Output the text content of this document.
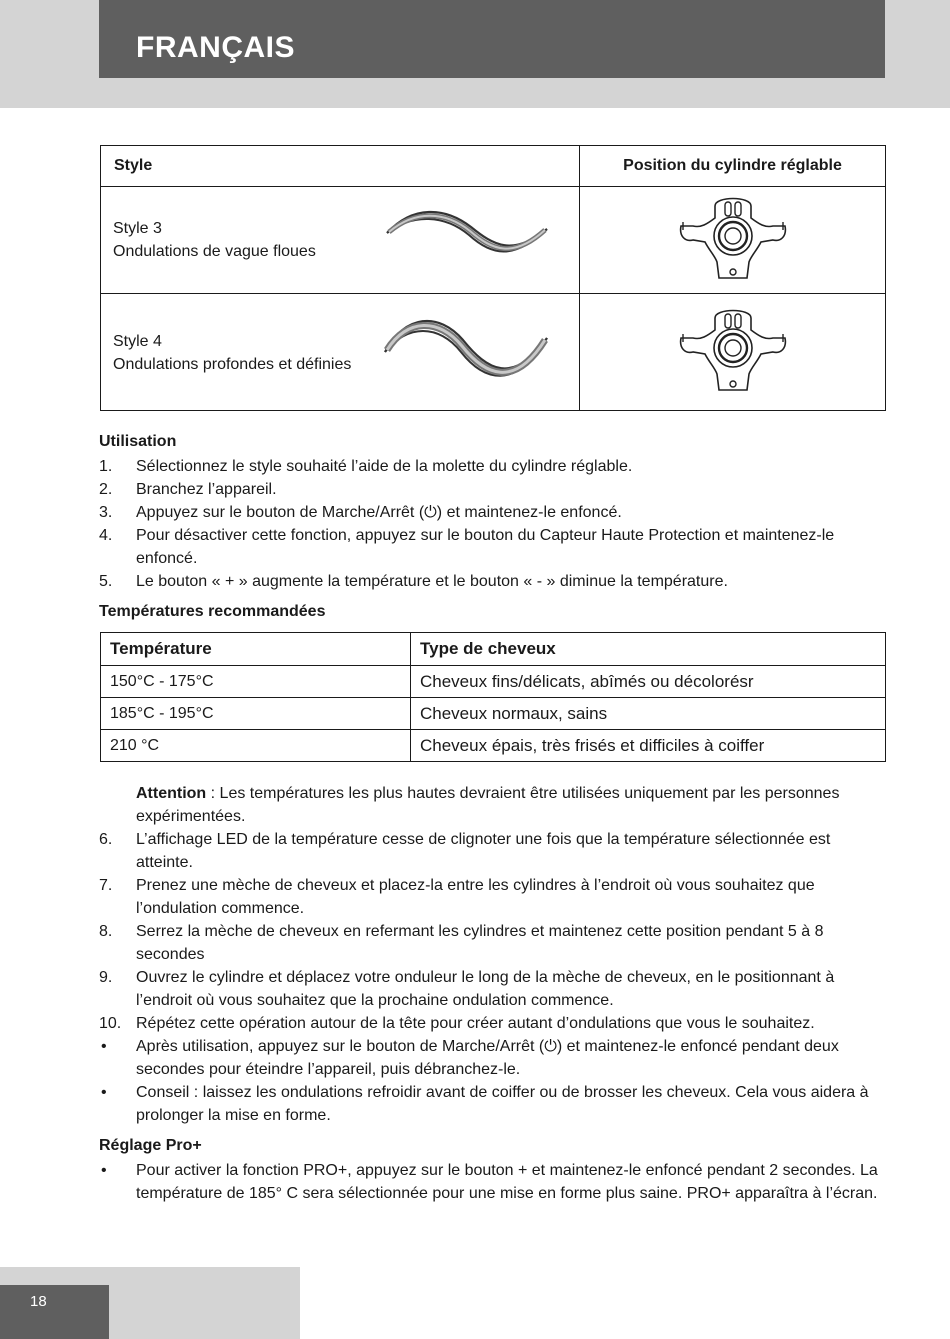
FRANÇAIS
Style	Position du cylindre réglable

Style 3
Ondulations de vague floues

Style 4
Ondulations profondes et définies

Utilisation
1. Sélectionnez le style souhaité l’aide de la molette du cylindre réglable.
2. Branchez l’appareil.
3. Appuyez sur le bouton de Marche/Arrêt (⏻) et maintenez-le enfoncé.
4. Pour désactiver cette fonction, appuyez sur le bouton du Capteur Haute Protection et maintenez-le enfoncé.
5. Le bouton « + » augmente la température et le bouton « - » diminue la température.
Températures recommandées
Température	Type de cheveux
150°C - 175°C	Cheveux fins/délicats, abîmés ou décolorésr
185°C - 195°C	Cheveux normaux, sains
210 °C	Cheveux épais, très frisés et difficiles à coiffer
Attention : Les températures les plus hautes devraient être utilisées uniquement par les personnes expérimentées.
6. L’affichage LED de la température cesse de clignoter une fois que la température sélectionnée est atteinte.
7. Prenez une mèche de cheveux et placez-la entre les cylindres à l’endroit où vous souhaitez que l’ondulation commence.
8. Serrez la mèche de cheveux en refermant les cylindres et maintenez cette position pendant 5 à 8 secondes
9. Ouvrez le cylindre et déplacez votre onduleur le long de la mèche de cheveux, en le positionnant à l’endroit où vous souhaitez que la prochaine ondulation commence.
10. Répétez cette opération autour de la tête pour créer autant d’ondulations que vous le souhaitez.
• Après utilisation, appuyez sur le bouton de Marche/Arrêt (⏻) et maintenez-le enfoncé pendant deux secondes pour éteindre l’appareil, puis débranchez-le.
• Conseil : laissez les ondulations refroidir avant de coiffer ou de brosser les cheveux. Cela vous aidera à prolonger la mise en forme.
Réglage Pro+
• Pour activer la fonction PRO+, appuyez sur le bouton + et maintenez-le enfoncé pendant 2 secondes. La température de 185° C sera sélectionnée pour une mise en forme plus saine. PRO+ apparaîtra à l’écran.
18
